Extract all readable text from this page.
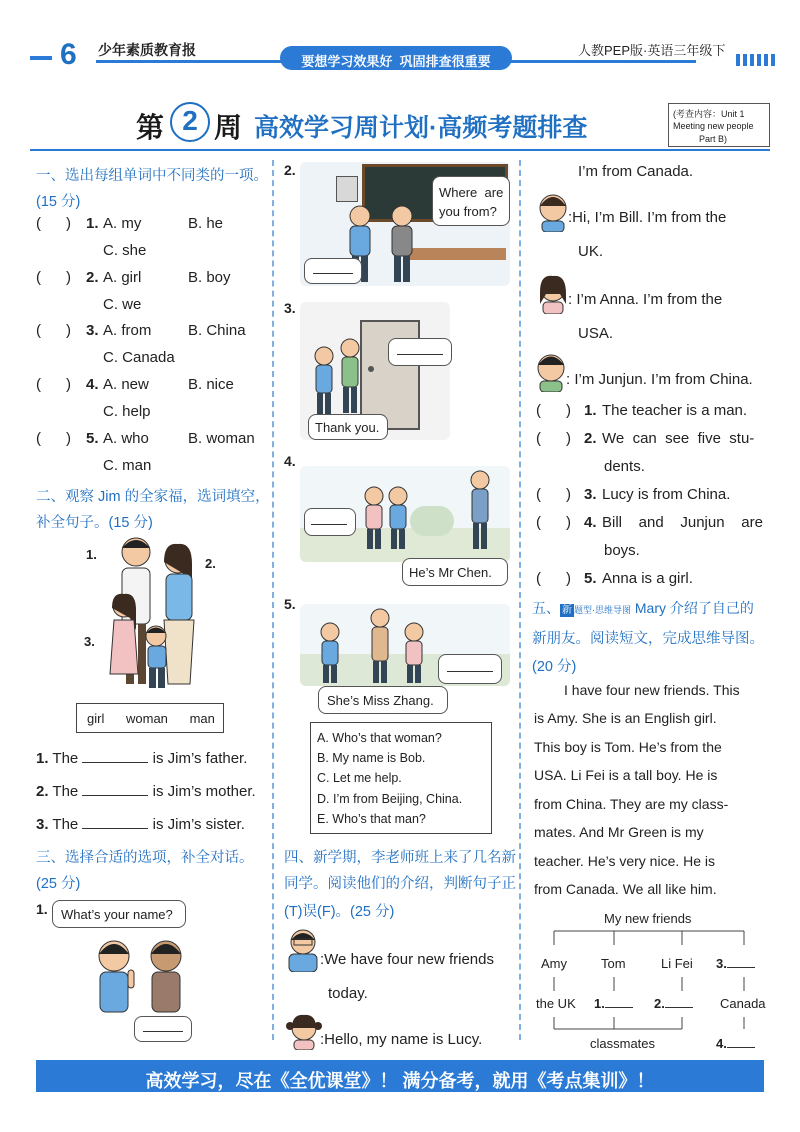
6 少年素质教育报
要想学习效果好  巩固排查很重要
人教PEP版·英语三年级下
第 2 周 高效学习周计划·高频考题排查	(考查内容：Unit 1
Meeting new people
Part B)
一、选出每组单词中不同类的一项。
(15 分)
(      ) 1. A. my	B. he
C. she
(      ) 2. A. girl	B. boy
C. we
(      ) 3. A. from B. China
C. Canada
(      ) 4. A. new	B. nice
C. help
(      ) 5. A. who	B. woman
C. man
二、观察 Jim 的全家福，选词填空，
补全句子。(15 分)
1.
2.
3.
girl      woman      man
1. The	is Jim’s father.
2. The	is Jim’s mother.
3. The	is Jim’s sister.
三、选择合适的选项，补全对话。
(25 分)
1. What’s your name?
2.
Where  are
you from?
3.
Thank you.
4.
He’s Mr Chen.
5.
She’s Miss Zhang.
A. Who’s that woman?
B. My name is Bob.
C. Let me help.
D. I’m from Beijing, China.
E. Who’s that man?
四、新学期，李老师班上来了几名新
同学。阅读他们的介绍，判断句子正
(T)误(F)。(25 分)
:We have four new friends
today.
:Hello, my name is Lucy.
I’m from Canada.
:Hi, I’m Bill. I’m from the
UK.
: I’m Anna. I’m from the
USA.
: I’m Junjun. I’m from China.
(      ) 1. The teacher is a man.
(      ) 2. We  can  see  five  stu-
dents.
(      ) 3. Lucy is from China.
(      ) 4. Bill    and    Junjun    are
boys.
(      ) 5. Anna is a girl.
五、 新 题型·思维导图 Mary 介绍了自己的
新朋友。阅读短文，完成思维导图。
(20 分)
I have four new friends. This
is Amy. She is an English girl.
This boy is Tom. He’s from the
USA. Li Fei is a tall boy. He is
from China. They are my class-
mates. And Mr Green is my
teacher. He’s very nice. He is
from Canada. We all like him.
My new friends
Amy	Tom	Li Fei 3.
the UK 1.	2.	Canada
classmates	4.
高效学习，尽在《全优课堂》！ 满分备考，就用《考点集训》！
